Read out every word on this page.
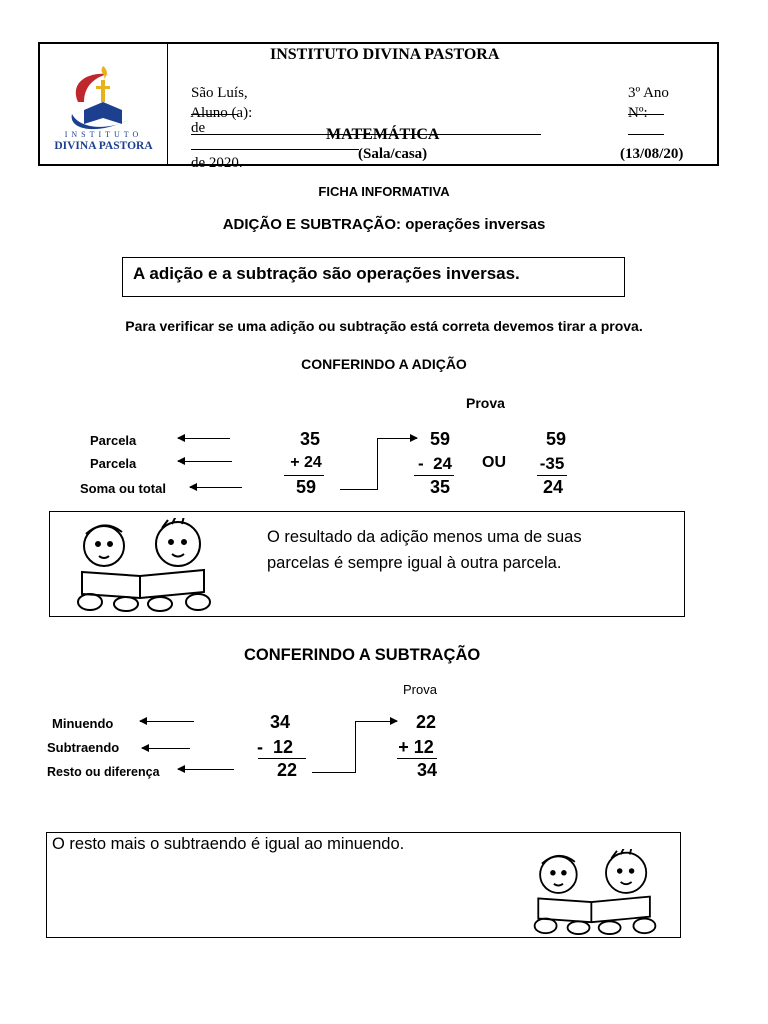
INSTITUTO
DIVINA PASTORA
INSTITUTO DIVINA PASTORA

São Luís,

de

de 2020.

3º Ano

Aluno (a):

	Nº:

MATEMÁTICA
(Sala/casa)	(13/08/20)
FICHA INFORMATIVA
ADIÇÃO E SUBTRAÇÃO: operações inversas
A adição e a subtração são operações inversas.
Para verificar se uma adição ou subtração está correta devemos tirar a prova.
CONFERINDO A ADIÇÃO
Prova
Parcela
Parcela
Soma ou total
35
+ 24
59
59
-  24
35
OU
59
-35
24
O resultado da adição menos uma de suas parcelas é sempre igual à outra parcela.
CONFERINDO A SUBTRAÇÃO
Prova
Minuendo
Subtraendo
Resto ou diferença
34
-  12
22
22
+ 12
34
O resto mais o subtraendo é igual ao minuendo.
